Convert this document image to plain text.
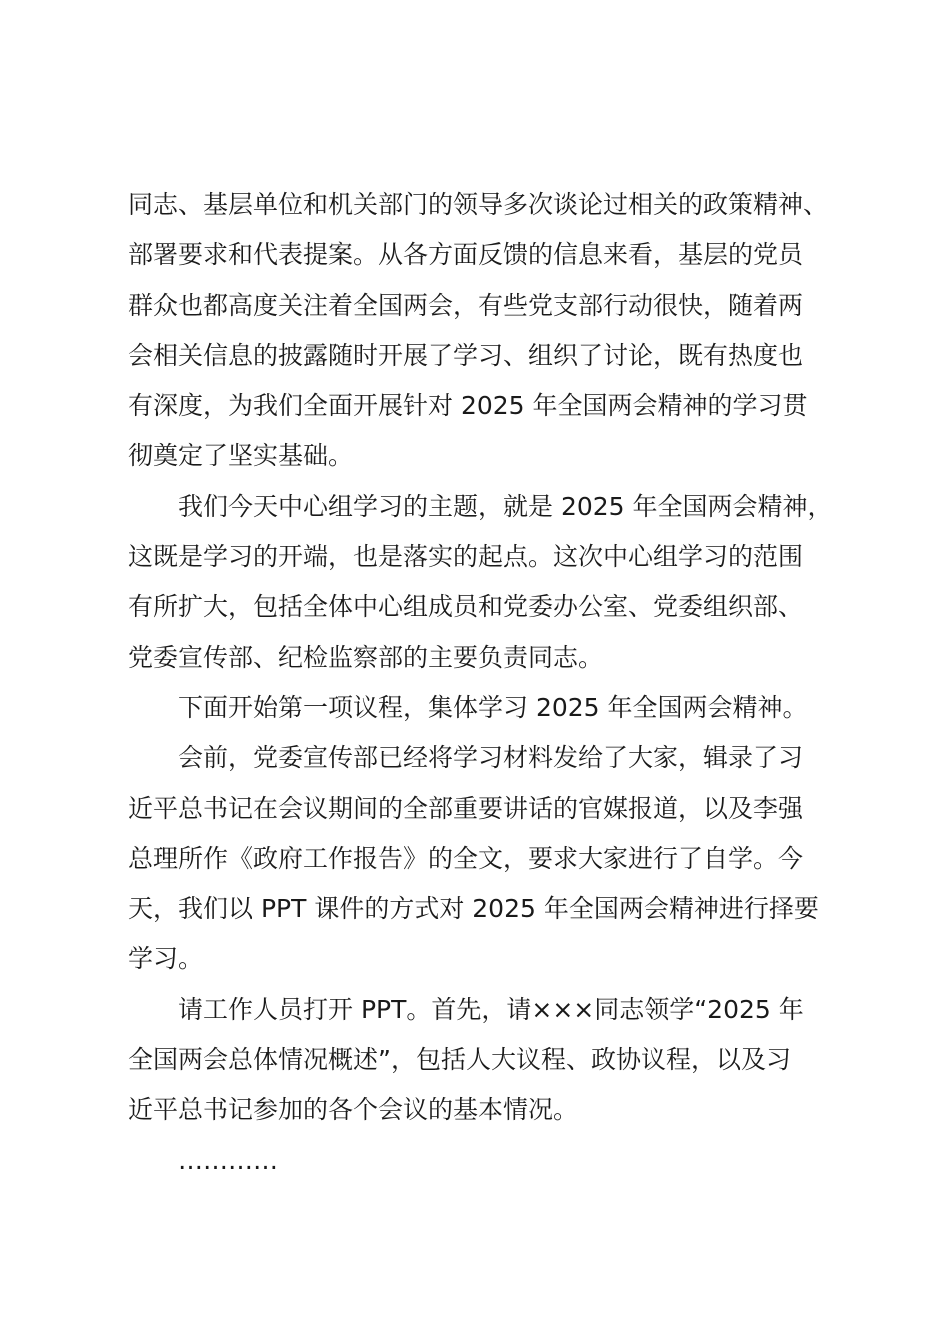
同志、基层单位和机关部门的领导多次谈论过相关的政策精神、
部署要求和代表提案。从各方面反馈的信息来看，基层的党员
群众也都高度关注着全国两会，有些党支部行动很快，随着两
会相关信息的披露随时开展了学习、组织了讨论，既有热度也
有深度，为我们全面开展针对 2025 年全国两会精神的学习贯
彻奠定了坚实基础。

我们今天中心组学习的主题，就是 2025 年全国两会精神，
这既是学习的开端，也是落实的起点。这次中心组学习的范围
有所扩大，包括全体中心组成员和党委办公室、党委组织部、
党委宣传部、纪检监察部的主要负责同志。

下面开始第一项议程，集体学习 2025 年全国两会精神。

会前，党委宣传部已经将学习材料发给了大家，辑录了习
近平总书记在会议期间的全部重要讲话的官媒报道，以及李强
总理所作《政府工作报告》的全文，要求大家进行了自学。今
天，我们以 PPT 课件的方式对 2025 年全国两会精神进行择要
学习。

请工作人员打开 PPT。首先，请×××同志领学“2025 年
全国两会总体情况概述”，包括人大议程、政协议程，以及习
近平总书记参加的各个会议的基本情况。

…………
